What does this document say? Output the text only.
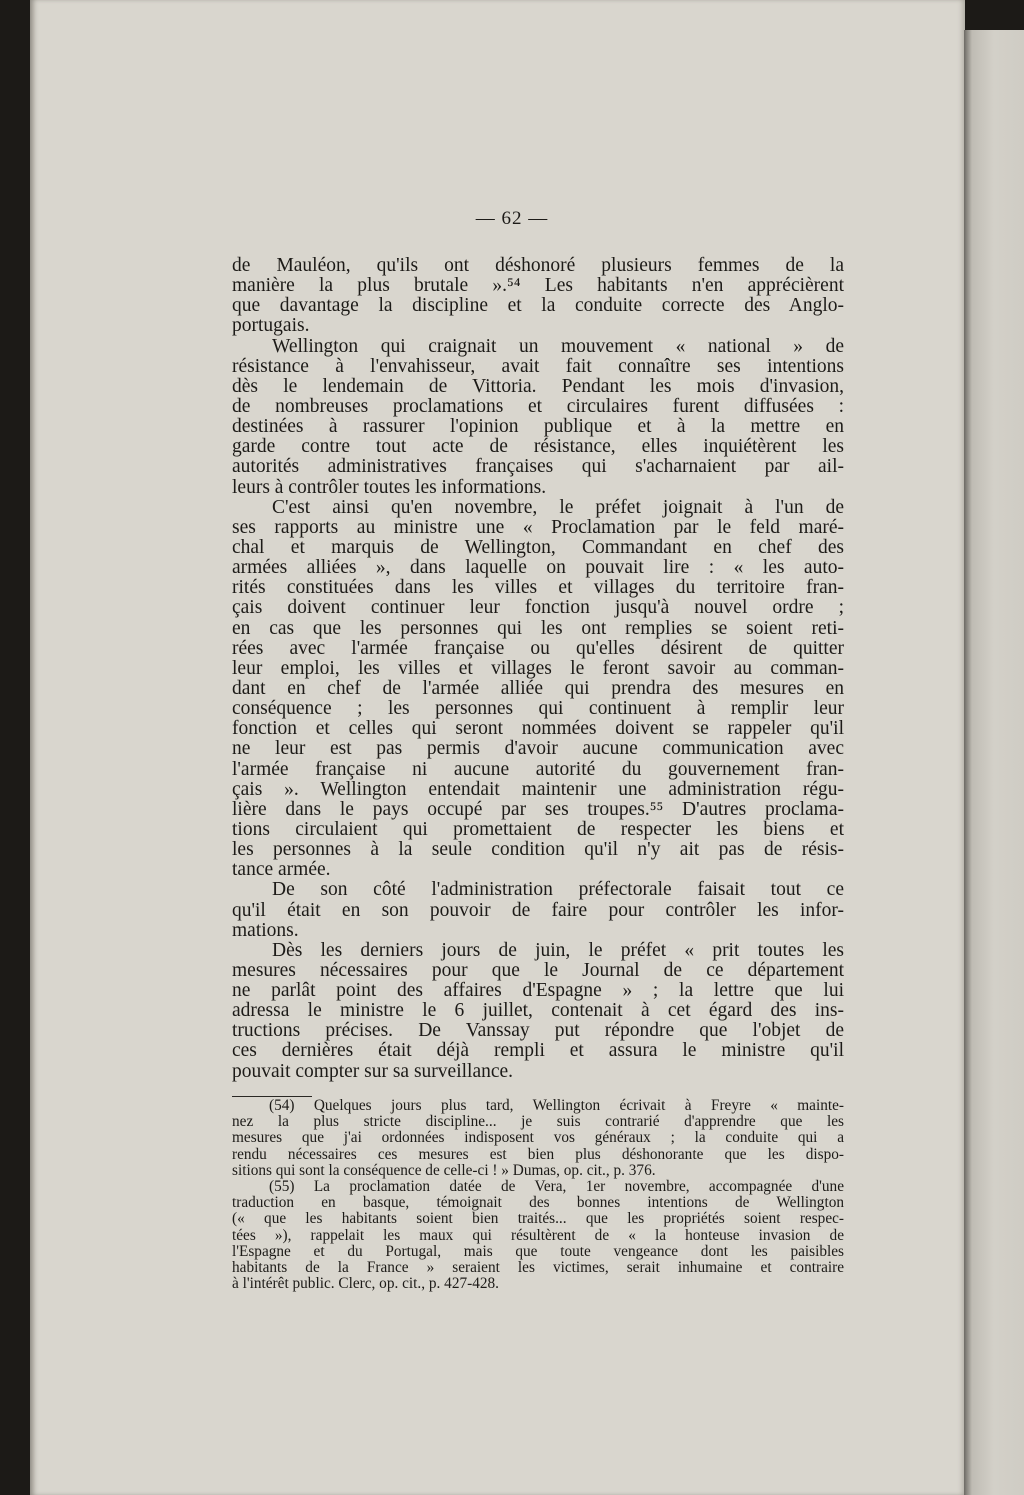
— 62 —
de Mauléon, qu'ils ont déshonoré plusieurs femmes de la
manière la plus brutale ».⁵⁴ Les habitants n'en apprécièrent
que davantage la discipline et la conduite correcte des Anglo-
portugais.
Wellington qui craignait un mouvement « national » de
résistance à l'envahisseur, avait fait connaître ses intentions
dès le lendemain de Vittoria. Pendant les mois d'invasion,
de nombreuses proclamations et circulaires furent diffusées :
destinées à rassurer l'opinion publique et à la mettre en
garde contre tout acte de résistance, elles inquiétèrent les
autorités administratives françaises qui s'acharnaient par ail-
leurs à contrôler toutes les informations.
C'est ainsi qu'en novembre, le préfet joignait à l'un de
ses rapports au ministre une « Proclamation par le feld maré-
chal et marquis de Wellington, Commandant en chef des
armées alliées », dans laquelle on pouvait lire : « les auto-
rités constituées dans les villes et villages du territoire fran-
çais doivent continuer leur fonction jusqu'à nouvel ordre ;
en cas que les personnes qui les ont remplies se soient reti-
rées avec l'armée française ou qu'elles désirent de quitter
leur emploi, les villes et villages le feront savoir au comman-
dant en chef de l'armée alliée qui prendra des mesures en
conséquence ; les personnes qui continuent à remplir leur
fonction et celles qui seront nommées doivent se rappeler qu'il
ne leur est pas permis d'avoir aucune communication avec
l'armée française ni aucune autorité du gouvernement fran-
çais ». Wellington entendait maintenir une administration régu-
lière dans le pays occupé par ses troupes.⁵⁵ D'autres proclama-
tions circulaient qui promettaient de respecter les biens et
les personnes à la seule condition qu'il n'y ait pas de résis-
tance armée.
De son côté l'administration préfectorale faisait tout ce
qu'il était en son pouvoir de faire pour contrôler les infor-
mations.
Dès les derniers jours de juin, le préfet « prit toutes les
mesures nécessaires pour que le Journal de ce département
ne parlât point des affaires d'Espagne » ; la lettre que lui
adressa le ministre le 6 juillet, contenait à cet égard des ins-
tructions précises. De Vanssay put répondre que l'objet de
ces dernières était déjà rempli et assura le ministre qu'il
pouvait compter sur sa surveillance.
(54) Quelques jours plus tard, Wellington écrivait à Freyre « mainte-
nez la plus stricte discipline... je suis contrarié d'apprendre que les
mesures que j'ai ordonnées indisposent vos généraux ; la conduite qui a
rendu nécessaires ces mesures est bien plus déshonorante que les dispo-
sitions qui sont la conséquence de celle-ci ! » Dumas, op. cit., p. 376.
(55) La proclamation datée de Vera, 1er novembre, accompagnée d'une
traduction en basque, témoignait des bonnes intentions de Wellington
(« que les habitants soient bien traités... que les propriétés soient respec-
tées »), rappelait les maux qui résultèrent de « la honteuse invasion de
l'Espagne et du Portugal, mais que toute vengeance dont les paisibles
habitants de la France » seraient les victimes, serait inhumaine et contraire
à l'intérêt public. Clerc, op. cit., p. 427-428.
